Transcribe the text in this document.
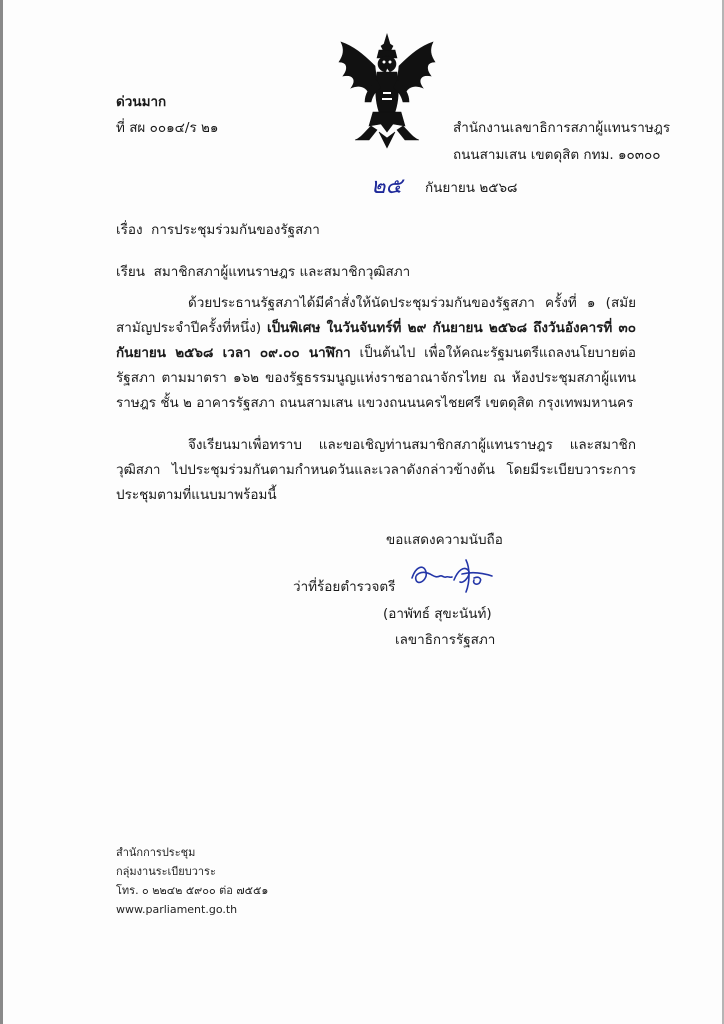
ด่วนมาก
ที่ สผ ๐๐๑๔/ร ๒๑	สำนักงานเลขาธิการสภาผู้แทนราษฎร
ถนนสามเสน เขตดุสิต กทม. ๑๐๓๐๐
๒๕ กันยายน ๒๕๖๘
เรื่อง การประชุมร่วมกันของรัฐสภา
เรียน สมาชิกสภาผู้แทนราษฎร และสมาชิกวุฒิสภา
ด้วยประธานรัฐสภาได้มีคำสั่งให้นัดประชุมร่วมกันของรัฐสภา ครั้งที่ ๑ (สมัยสามัญประจำปีครั้งที่หนึ่ง) เป็นพิเศษ ในวันจันทร์ที่ ๒๙ กันยายน ๒๕๖๘ ถึงวันอังคารที่ ๓๐ กันยายน ๒๕๖๘ เวลา ๐๙.๐๐ นาฬิกา เป็นต้นไป เพื่อให้คณะรัฐมนตรีแถลงนโยบายต่อรัฐสภา ตามมาตรา ๑๖๒ ของรัฐธรรมนูญแห่งราชอาณาจักรไทย ณ ห้องประชุมสภาผู้แทนราษฎร ชั้น ๒ อาคารรัฐสภา ถนนสามเสน แขวงถนนนครไชยศรี เขตดุสิต กรุงเทพมหานคร
จึงเรียนมาเพื่อทราบ และขอเชิญท่านสมาชิกสภาผู้แทนราษฎร และสมาชิกวุฒิสภา ไปประชุมร่วมกันตามกำหนดวันและเวลาดังกล่าวข้างต้น โดยมีระเบียบวาระการประชุมตามที่แนบมาพร้อมนี้
ขอแสดงความนับถือ
ว่าที่ร้อยตำรวจตรี
(อาพัทธ์ สุขะนันท์)
เลขาธิการรัฐสภา
สำนักการประชุม
กลุ่มงานระเบียบวาระ
โทร. ๐ ๒๒๔๒ ๕๙๐๐ ต่อ ๗๕๕๑
www.parliament.go.th
